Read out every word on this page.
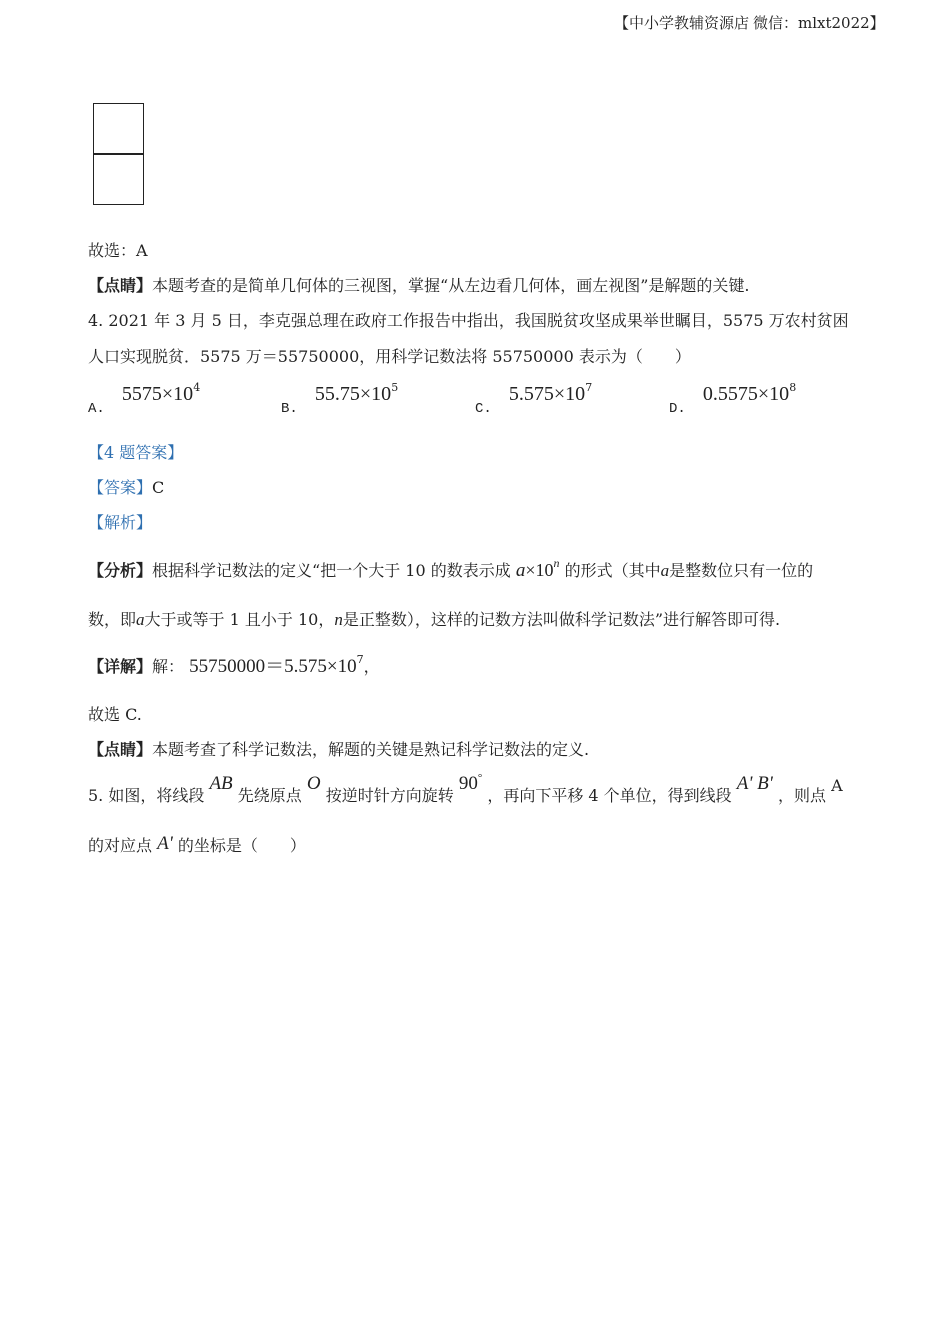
【中小学教辅资源店 微信：mlxt2022】
故选：A
【点睛】本题考查的是简单几何体的三视图，掌握“从左边看几何体，画左视图”是解题的关键.
4. 2021 年 3 月 5 日，李克强总理在政府工作报告中指出，我国脱贫攻坚成果举世瞩目，5575 万农村贫困
人口实现脱贫．5575 万＝55750000，用科学记数法将 55750000 表示为（　　）
A. $5575\times 10^4$
B. $55.75\times 10^5$
C. $5.575\times 10^7$
D. $0.5575\times 10^8$
【4 题答案】
【答案】C
【解析】
【分析】根据科学记数法的定义“把一个大于 10 的数表示成 $a\times 10^n$ 的形式（其中a是整数位只有一位的
数，即a大于或等于 1 且小于 10，n是正整数），这样的记数方法叫做科学记数法”进行解答即可得.
【详解】解： $55750000=5.575\times 10^7$，
故选 C.
【点睛】本题考查了科学记数法，解题的关键是熟记科学记数法的定义.
5. 如图，将线段 AB 先绕原点 O 按逆时针方向旋转 90° ，再向下平移 4 个单位，得到线段 A' B' ，则点 A
的对应点 A' 的坐标是（　　）
